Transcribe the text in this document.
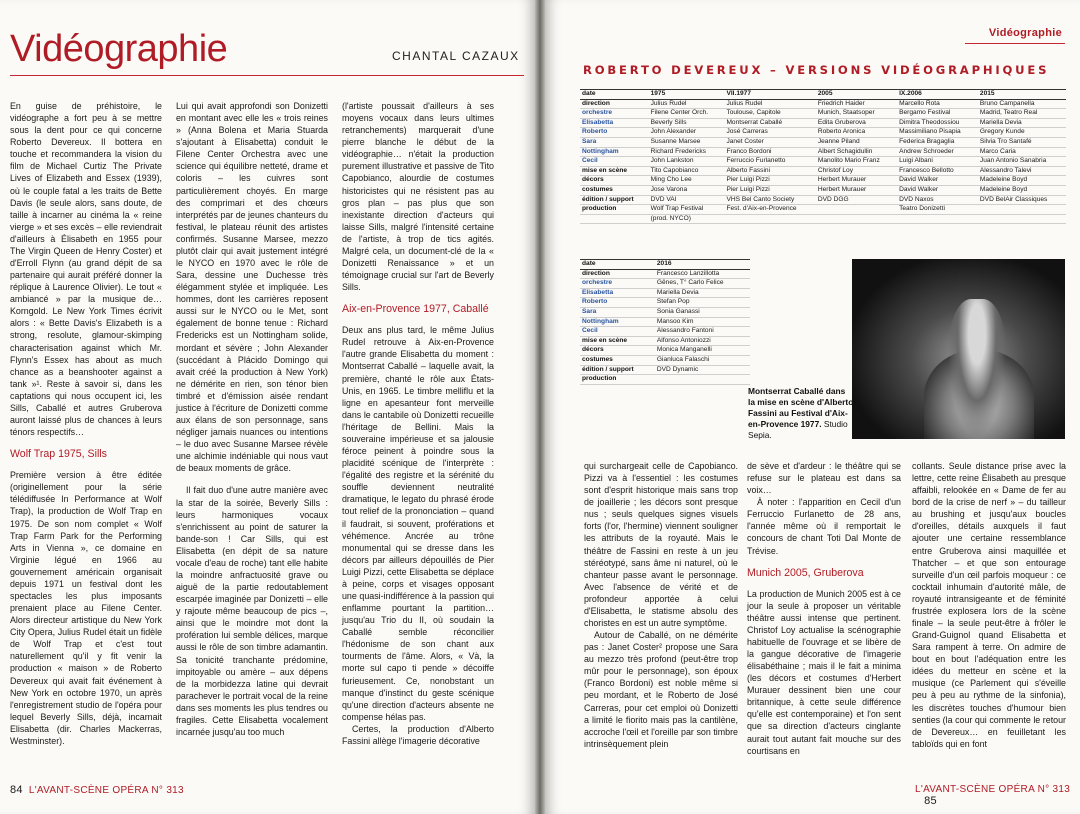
Vidéographie	CHANTAL CAZAUX

En guise de préhistoire, le vidéographe a fort peu à se mettre sous la dent pour ce qui concerne Roberto Devereux. Il bottera en touche et recommandera la vision du film de Michael Curtiz The Private Lives of Elizabeth and Essex (1939), où le couple fatal a les traits de Bette Davis (le seule alors, sans doute, de taille à incarner au cinéma la « reine vierge » et ses excès – elle reviendrait d'ailleurs à Élisabeth en 1955 pour The Virgin Queen de Henry Coster) et d'Erroll Flynn (au grand dépit de sa partenaire qui aurait préféré donner la réplique à Laurence Olivier). Le tout « ambiancé » par la musique de… Korngold. Le New York Times écrivit alors : « Bette Davis's Elizabeth is a strong, resolute, glamour-skimping characterisation against which Mr. Flynn's Essex has about as much chance as a beanshooter against a tank »¹. Reste à savoir si, dans les captations qui nous occupent ici, les Sills, Caballé et autres Gruberova auront laissé plus de chances à leurs ténors respectifs…

Wolf Trap 1975, Sills

Première version à être éditée (originellement pour la série télédiffusée In Performance at Wolf Trap), la production de Wolf Trap en 1975. De son nom complet « Wolf Trap Farm Park for the Performing Arts in Vienna », ce domaine en Virginie légué en 1966 au gouvernement américain organisait depuis 1971 un festival dont les spectacles les plus imposants prenaient place au Filene Center. Alors directeur artistique du New York City Opera, Julius Rudel était un fidèle de Wolf Trap et c'est tout naturellement qu'il y fit venir la production « maison » de Roberto Devereux qui avait fait événement à New York en octobre 1970, un après l'enregistrement studio de l'opéra pour lequel Beverly Sills, déjà, incarnait Elisabetta (dir. Charles Mackerras, Westminster).

Lui qui avait approfondi son Donizetti en montant avec elle les « trois reines » (Anna Bolena et Maria Stuarda s'ajoutant à Elisabetta) conduit le Filene Center Orchestra avec une science qui équilibre netteté, drame et coloris – les cuivres sont particulièrement choyés. En marge des comprimari et des chœurs interprétés par de jeunes chanteurs du festival, le plateau réunit des artistes confirmés. Susanne Marsee, mezzo plutôt clair qui avait justement intégré le NYCO en 1970 avec le rôle de Sara, dessine une Duchesse très élégamment stylée et impliquée. Les hommes, dont les carrières reposent aussi sur le NYCO ou le Met, sont également de bonne tenue : Richard Fredericks est un Nottingham solide, mordant et sévère ; John Alexander (succédant à Plácido Domingo qui avait créé la production à New York) ne démérite en rien, son ténor bien timbré et d'émission aisée rendant justice à l'écriture de Donizetti comme aux élans de son personnage, sans négliger jamais nuances ou intentions – le duo avec Susanne Marsee révèle une alchimie indéniable qui nous vaut de beaux moments de grâce.

Il fait duo d'une autre manière avec la star de la soirée, Beverly Sills : leurs harmoniques vocaux s'enrichissent au point de saturer la bande-son ! Car Sills, qui est Elisabetta (en dépit de sa nature vocale d'eau de roche) tant elle habite la moindre anfractuosité grave ou aiguë de la partie redoutablement escarpée imaginée par Donizetti – elle y rajoute même beaucoup de pics –, ainsi que le moindre mot dont la profération lui semble délices, marque aussi le rôle de son timbre adamantin. Sa tonicité tranchante prédomine, impitoyable ou amère – aux dépens de la morbidezza latine qui devrait parachever le portrait vocal de la reine dans ses moments les plus tendres ou fragiles. Cette Elisabetta vocalement incarnée jusqu'au too much

(l'artiste poussait d'ailleurs à ses moyens vocaux dans leurs ultimes retranchements) marquerait d'une pierre blanche le début de la vidéographie… n'était la production purement illustrative et passive de Tito Capobianco, alourdie de costumes historicistes qui ne résistent pas au gros plan – pas plus que son inexistante direction d'acteurs qui laisse Sills, malgré l'intensité certaine de l'artiste, à trop de tics agités. Malgré cela, un document-clé de la « Donizetti Renaissance » et un témoignage crucial sur l'art de Beverly Sills.

Aix-en-Provence 1977, Caballé

Deux ans plus tard, le même Julius Rudel retrouve à Aix-en-Provence l'autre grande Elisabetta du moment : Montserrat Caballé – laquelle avait, la première, chanté le rôle aux États-Unis, en 1965. Le timbre melliflu et la ligne en apesanteur font merveille dans le cantabile où Donizetti recueille l'héritage de Bellini. Mais la souveraine impérieuse et sa jalousie féroce peinent à poindre sous la placidité scénique de l'interprète : l'égalité des registre et la sérénité du souffle deviennent neutralité dramatique, le legato du phrasé érode tout relief de la prononciation – quand il faudrait, si souvent, proférations et véhémence. Ancrée au trône monumental qui se dresse dans les décors par ailleurs dépouillés de Pier Luigi Pizzi, cette Elisabetta se déplace à peine, corps et visages opposant une quasi-indifférence à la passion qui enflamme pourtant la partition… jusqu'au Trio du II, où soudain la Caballé semble réconcilier l'hédonisme de son chant aux tourments de l'âme. Alors, « Và, la morte sul capo ti pende » décoiffe furieusement. Ce, nonobstant un manque d'instinct du geste scénique qu'une direction d'acteurs absente ne compense hélas pas.

Certes, la production d'Alberto Fassini allège l'imagerie décorative

84 L'AVANT-SCÈNE OPÉRA N° 313
Vidéographie
ROBERTO DEVEREUX – VERSIONS VIDÉOGRAPHIQUES
date	1975	VII.1977	2005	IX.2006	2015
direction	Julius Rudel	Julius Rudel	Friedrich Haider	Marcello Rota	Bruno Campanella
orchestre	Filene Center Orch.	Toulouse, Capitole	Munich, Staatsoper	Bergamo Festival	Madrid, Teatro Real
Elisabetta	Beverly Sills	Montserrat Caballé	Edita Gruberova	Dimitra Theodossiou	Mariella Devia
Roberto	John Alexander	José Carreras	Roberto Aronica	Massimiliano Pisapia	Gregory Kunde
Sara	Susanne Marsee	Janet Coster	Jeanne Piland	Federica Bragaglia	Silvia Tro Santafé
Nottingham	Richard Fredericks	Franco Bordoni	Albert Schagidullin	Andrew Schroeder	Marco Caria
Cecil	John Lankston	Ferruccio Furlanetto	Manolito Mario Franz	Luigi Albani	Juan Antonio Sanabria
mise en scène	Tito Capobianco	Alberto Fassini	Christof Loy	Francesco Bellotto	Alessandro Talevi
décors	Ming Cho Lee	Pier Luigi Pizzi	Herbert Murauer	David Walker	Madeleine Boyd
costumes	Jose Varona	Pier Luigi Pizzi	Herbert Murauer	David Walker	Madeleine Boyd
édition / support	DVD VAI	VHS Bel Canto Society	DVD DGG	DVD Naxos	DVD BelAir Classiques
production	Wolf Trap Festival	Fest. d'Aix-en-Provence		Teatro Donizetti	
	(prod. NYCO)				
date	2016
direction	Francesco Lanzillotta
orchestre	Gênes, T° Carlo Felice
Elisabetta	Mariella Devia
Roberto	Stefan Pop
Sara	Sonia Ganassi
Nottingham	Mansoo Kim
Cecil	Alessandro Fantoni
mise en scène	Alfonso Antoniozzi
décors	Monica Manganelli
costumes	Gianluca Falaschi
édition / support	DVD Dynamic
production	

qui surchargeait celle de Capobianco. Pizzi va à l'essentiel : les costumes sont d'esprit historique mais sans trop de joaillerie ; les décors sont presque nus ; seuls quelques signes visuels forts (l'or, l'hermine) viennent souligner les attributs de la royauté. Mais le théâtre de Fassini en reste à un jeu stéréotypé, sans âme ni naturel, où le chanteur passe avant le personnage. Avec l'absence de vérité et de profondeur apportée à celui d'Elisabetta, le statisme absolu des choristes en est un autre symptôme.

Autour de Caballé, on ne démérite pas : Janet Coster² propose une Sara au mezzo très profond (peut-être trop mûr pour le personnage), son époux (Franco Bordoni) est noble même si peu mordant, et le Roberto de José Carreras, pour cet emploi où Donizetti a limité le fiorito mais pas la cantilène, accroche l'œil et l'oreille par son timbre intrinsèquement plein

de sève et d'ardeur : le théâtre qui se refuse sur le plateau est dans sa voix…

À noter : l'apparition en Cecil d'un Ferruccio Furlanetto de 28 ans, l'année même où il remportait le concours de chant Toti Dal Monte de Trévise.

Munich 2005, Gruberova

La production de Munich 2005 est à ce jour la seule à proposer un véritable théâtre aussi intense que pertinent. Christof Loy actualise la scénographie habituelle de l'ouvrage et se libère de la gangue décorative de l'imagerie élisabéthaine ; mais il le fait a minima (les décors et costumes d'Herbert Murauer dessinent bien une cour britannique, à cette seule différence qu'elle est contemporaine) et l'on sent que sa direction d'acteurs cinglante aurait tout autant fait mouche sur des courtisans en

collants. Seule distance prise avec la lettre, cette reine Élisabeth au presque affaibli, relookée en « Dame de fer au bord de la crise de nerf » – du tailleur au brushing et jusqu'aux boucles d'oreilles, détails auxquels il faut ajouter une certaine ressemblance entre Gruberova ainsi maquillée et Thatcher – et que son entourage surveille d'un œil parfois moqueur : ce cocktail inhumain d'autorité mâle, de royauté intransigeante et de féminité frustrée explosera lors de la scène finale – la seule peut-être à frôler le Grand-Guignol quand Elisabetta et Sara rampent à terre. On admire de bout en bout l'adéquation entre les idées du metteur en scène et la musique (ce Parlement qui s'éveille peu à peu au rythme de la sinfonia), les discrètes touches d'humour bien senties (la cour qui commente le retour de Devereux… en feuilletant les tabloïds qui en font

L'AVANT-SCÈNE OPÉRA N° 313  85
Montserrat Caballé dans la mise en scène d'Alberto Fassini au Festival d'Aix-en-Provence 1977. Studio Sepia.
